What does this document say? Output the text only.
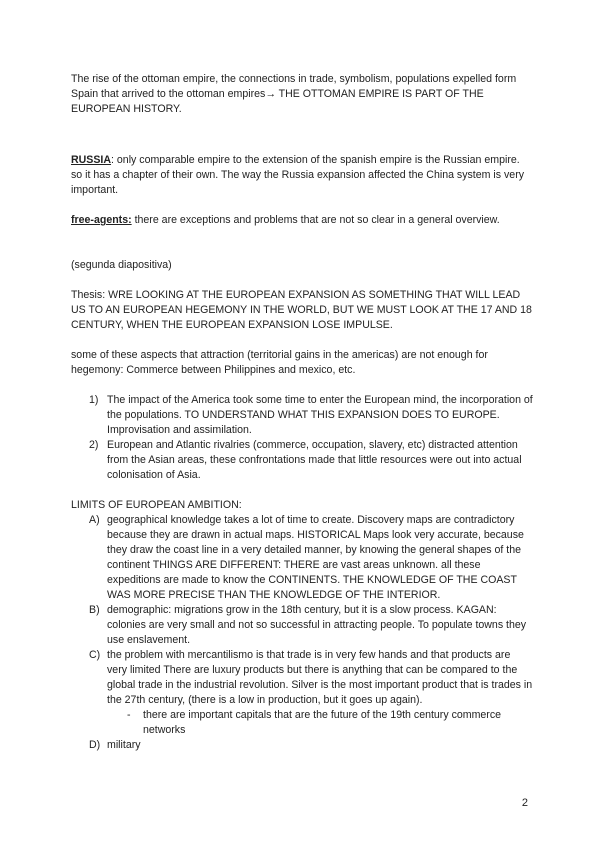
The rise of the ottoman empire, the connections in trade, symbolism, populations expelled form Spain that arrived to the ottoman empires→ THE OTTOMAN EMPIRE IS PART OF THE EUROPEAN HISTORY.

RUSSIA: only comparable empire to the extension of the spanish empire is the Russian empire. so it has a chapter of their own. The way the Russia expansion affected the China system is very important.

free-agents: there are exceptions and problems that are not so clear in a general overview.

(segunda diapositiva)

Thesis: WRE LOOKING AT THE EUROPEAN EXPANSION AS SOMETHING THAT WILL LEAD US TO AN EUROPEAN HEGEMONY IN THE WORLD, BUT WE MUST LOOK AT THE 17 AND 18 CENTURY, WHEN THE EUROPEAN EXPANSION LOSE IMPULSE.

some of these aspects that attraction (territorial gains in the americas) are not enough for hegemony: Commerce between Philippines and mexico, etc.

1) The impact of the America took some time to enter the European mind, the incorporation of the populations. TO UNDERSTAND WHAT THIS EXPANSION DOES TO EUROPE. Improvisation and assimilation.
2) European and Atlantic rivalries (commerce, occupation, slavery, etc) distracted attention from the Asian areas, these confrontations made that little resources were out into actual colonisation of Asia.

LIMITS OF EUROPEAN AMBITION:

A) geographical knowledge takes a lot of time to create. Discovery maps are contradictory because they are drawn in actual maps. HISTORICAL Maps look very accurate, because they draw the coast line in a very detailed manner, by knowing the general shapes of the continent THINGS ARE DIFFERENT: THERE are vast areas unknown. all these expeditions are made to know the CONTINENTS. THE KNOWLEDGE OF THE COAST WAS MORE PRECISE THAN THE KNOWLEDGE OF THE INTERIOR.
B) demographic: migrations grow in the 18th century, but it is a slow process. KAGAN: colonies are very small and not so successful in attracting people. To populate towns they use enslavement.
C) the problem with mercantilismo is that trade is in very few hands and that products are very limited There are luxury products but there is anything that can be compared to the global trade in the industrial revolution. Silver is the most important product that is trades in the 27th century, (there is a low in production, but it goes up again).
- there are important capitals that are the future of the 19th century commerce networks
D) military
2
